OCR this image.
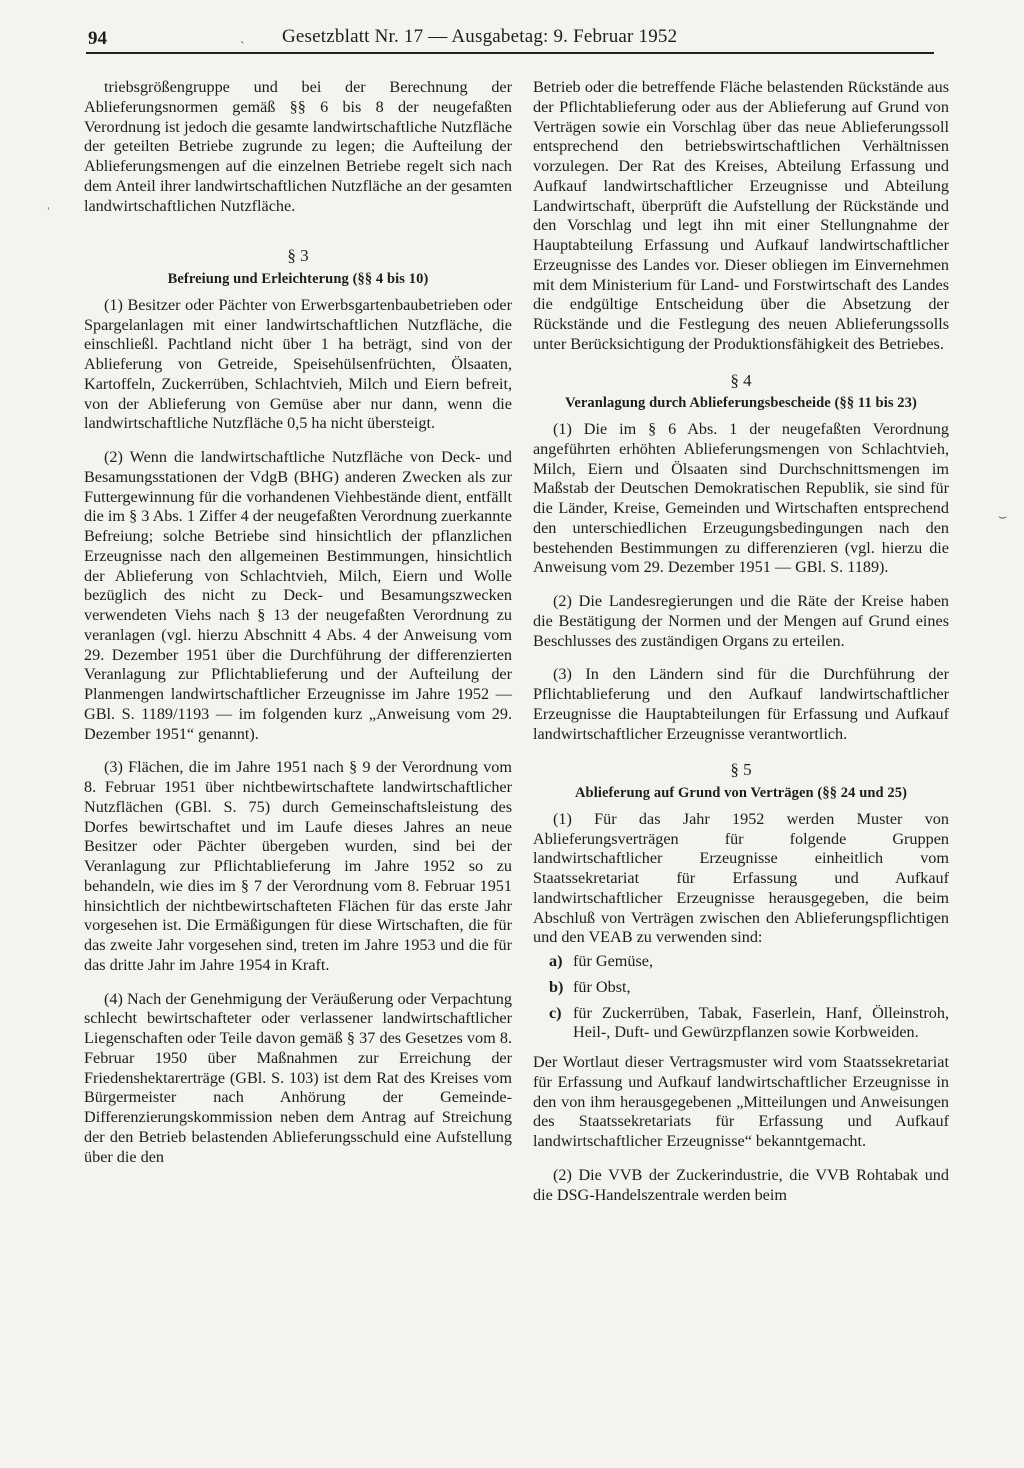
94	Gesetzblatt Nr. 17 — Ausgabetag: 9. Februar 1952

triebsgrößengruppe und bei der Berechnung der Ablieferungsnormen gemäß §§ 6 bis 8 der neugefaßten Verordnung ist jedoch die gesamte landwirtschaftliche Nutzfläche der geteilten Betriebe zugrunde zu legen; die Aufteilung der Ablieferungsmengen auf die einzelnen Betriebe regelt sich nach dem Anteil ihrer landwirtschaftlichen Nutzfläche an der gesamten landwirtschaftlichen Nutzfläche.

§ 3
Befreiung und Erleichterung (§§ 4 bis 10)

(1) Besitzer oder Pächter von Erwerbsgartenbaubetrieben oder Spargelanlagen mit einer landwirtschaftlichen Nutzfläche, die einschließl. Pachtland nicht über 1 ha beträgt, sind von der Ablieferung von Getreide, Speisehülsenfrüchten, Ölsaaten, Kartoffeln, Zuckerrüben, Schlachtvieh, Milch und Eiern befreit, von der Ablieferung von Gemüse aber nur dann, wenn die landwirtschaftliche Nutzfläche 0,5 ha nicht übersteigt.

(2) Wenn die landwirtschaftliche Nutzfläche von Deck- und Besamungsstationen der VdgB (BHG) anderen Zwecken als zur Futtergewinnung für die vorhandenen Viehbestände dient, entfällt die im § 3 Abs. 1 Ziffer 4 der neugefaßten Verordnung zuerkannte Befreiung; solche Betriebe sind hinsichtlich der pflanzlichen Erzeugnisse nach den allgemeinen Bestimmungen, hinsichtlich der Ablieferung von Schlachtvieh, Milch, Eiern und Wolle bezüglich des nicht zu Deck- und Besamungszwecken verwendeten Viehs nach § 13 der neugefaßten Verordnung zu veranlagen (vgl. hierzu Abschnitt 4 Abs. 4 der Anweisung vom 29. Dezember 1951 über die Durchführung der differenzierten Veranlagung zur Pflichtablieferung und der Aufteilung der Planmengen landwirtschaftlicher Erzeugnisse im Jahre 1952 — GBl. S. 1189/1193 — im folgenden kurz „Anweisung vom 29. Dezember 1951“ genannt).

(3) Flächen, die im Jahre 1951 nach § 9 der Verordnung vom 8. Februar 1951 über nichtbewirtschaftete landwirtschaftlicher Nutzflächen (GBl. S. 75) durch Gemeinschaftsleistung des Dorfes bewirtschaftet und im Laufe dieses Jahres an neue Besitzer oder Pächter übergeben wurden, sind bei der Veranlagung zur Pflichtablieferung im Jahre 1952 so zu behandeln, wie dies im § 7 der Verordnung vom 8. Februar 1951 hinsichtlich der nichtbewirtschafteten Flächen für das erste Jahr vorgesehen ist. Die Ermäßigungen für diese Wirtschaften, die für das zweite Jahr vorgesehen sind, treten im Jahre 1953 und die für das dritte Jahr im Jahre 1954 in Kraft.

(4) Nach der Genehmigung der Veräußerung oder Verpachtung schlecht bewirtschafteter oder verlassener landwirtschaftlicher Liegenschaften oder Teile davon gemäß § 37 des Gesetzes vom 8. Februar 1950 über Maßnahmen zur Erreichung der Friedenshektarerträge (GBl. S. 103) ist dem Rat des Kreises vom Bürgermeister nach Anhörung der Gemeinde-Differenzierungskommission neben dem Antrag auf Streichung der den Betrieb belastenden Ablieferungsschuld eine Aufstellung über die den

Betrieb oder die betreffende Fläche belastenden Rückstände aus der Pflichtablieferung oder aus der Ablieferung auf Grund von Verträgen sowie ein Vorschlag über das neue Ablieferungssoll entsprechend den betriebswirtschaftlichen Verhältnissen vorzulegen. Der Rat des Kreises, Abteilung Erfassung und Aufkauf landwirtschaftlicher Erzeugnisse und Abteilung Landwirtschaft, überprüft die Aufstellung der Rückstände und den Vorschlag und legt ihn mit einer Stellungnahme der Hauptabteilung Erfassung und Aufkauf landwirtschaftlicher Erzeugnisse des Landes vor. Dieser obliegen im Einvernehmen mit dem Ministerium für Land- und Forstwirtschaft des Landes die endgültige Entscheidung über die Absetzung der Rückstände und die Festlegung des neuen Ablieferungssolls unter Berücksichtigung der Produktionsfähigkeit des Betriebes.

§ 4
Veranlagung durch Ablieferungsbescheide (§§ 11 bis 23)

(1) Die im § 6 Abs. 1 der neugefaßten Verordnung angeführten erhöhten Ablieferungsmengen von Schlachtvieh, Milch, Eiern und Ölsaaten sind Durchschnittsmengen im Maßstab der Deutschen Demokratischen Republik, sie sind für die Länder, Kreise, Gemeinden und Wirtschaften entsprechend den unterschiedlichen Erzeugungsbedingungen nach den bestehenden Bestimmungen zu differenzieren (vgl. hierzu die Anweisung vom 29. Dezember 1951 — GBl. S. 1189).

(2) Die Landesregierungen und die Räte der Kreise haben die Bestätigung der Normen und der Mengen auf Grund eines Beschlusses des zuständigen Organs zu erteilen.

(3) In den Ländern sind für die Durchführung der Pflichtablieferung und den Aufkauf landwirtschaftlicher Erzeugnisse die Hauptabteilungen für Erfassung und Aufkauf landwirtschaftlicher Erzeugnisse verantwortlich.

§ 5
Ablieferung auf Grund von Verträgen (§§ 24 und 25)

(1) Für das Jahr 1952 werden Muster von Ablieferungsverträgen für folgende Gruppen landwirtschaftlicher Erzeugnisse einheitlich vom Staatssekretariat für Erfassung und Aufkauf landwirtschaftlicher Erzeugnisse herausgegeben, die beim Abschluß von Verträgen zwischen den Ablieferungspflichtigen und den VEAB zu verwenden sind:

a) für Gemüse,
b) für Obst,
c) für Zuckerrüben, Tabak, Faserlein, Hanf, Ölleinstroh, Heil-, Duft- und Gewürzpflanzen sowie Korbweiden.

Der Wortlaut dieser Vertragsmuster wird vom Staatssekretariat für Erfassung und Aufkauf landwirtschaftlicher Erzeugnisse in den von ihm herausgegebenen „Mitteilungen und Anweisungen des Staatssekretariats für Erfassung und Aufkauf landwirtschaftlicher Erzeugnisse“ bekanntgemacht.

(2) Die VVB der Zuckerindustrie, die VVB Rohtabak und die DSG-Handelszentrale werden beim

ˋ
ˈ
⌣
